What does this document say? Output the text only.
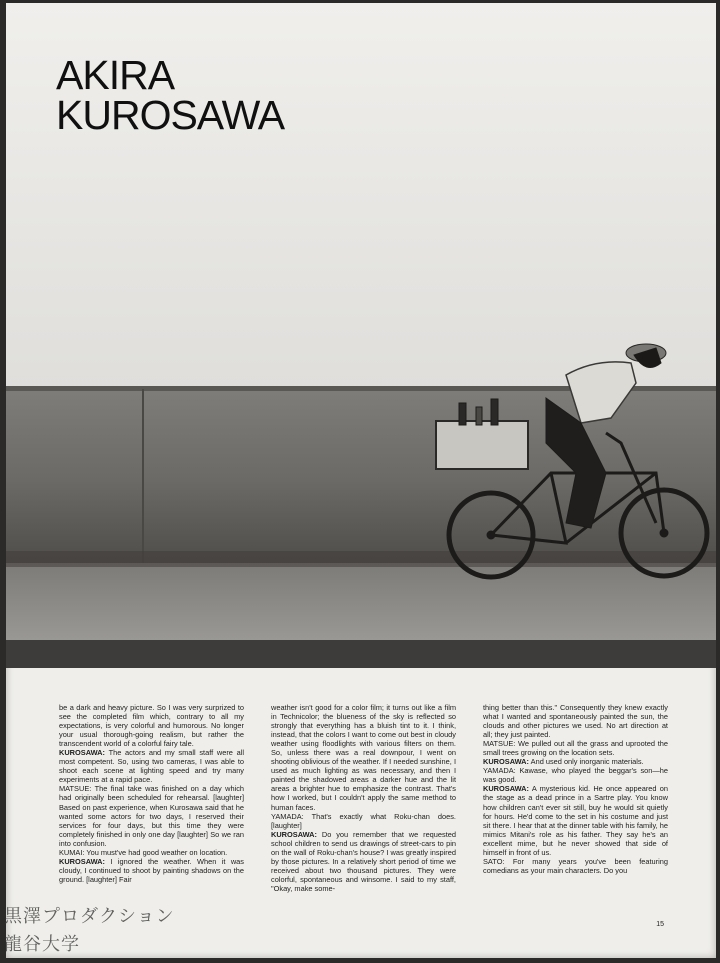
AKIRA
KUROSAWA

be a dark and heavy picture. So I was very surprized to see the completed film which, contrary to all my expectations, is very colorful and humorous. No longer your usual thorough-going realism, but rather the transcendent world of a colorful fairy tale.

KUROSAWA: The actors and my small staff were all most competent. So, using two cameras, I was able to shoot each scene at lighting speed and try many experiments at a rapid pace.

MATSUE: The final take was finished on a day which had originally been scheduled for rehearsal. [laughter] Based on past experience, when Kurosawa said that he wanted some actors for two days, I reserved their services for four days, but this time they were completely finished in only one day [laughter] So we ran into confusion.

KUMAI: You must've had good weather on location.

KUROSAWA: I ignored the weather. When it was cloudy, I continued to shoot by painting shadows on the ground. [laughter] Fair

weather isn't good for a color film; it turns out like a film in Technicolor; the blueness of the sky is reflected so strongly that everything has a bluish tint to it. I think, instead, that the colors I want to come out best in cloudy weather using floodlights with various filters on them. So, unless there was a real downpour, I went on shooting oblivious of the weather. If I needed sunshine, I used as much lighting as was necessary, and then I painted the shadowed areas a darker hue and the lit areas a brighter hue to emphasize the contrast. That's how I worked, but I couldn't apply the same method to human faces.

YAMADA: That's exactly what Roku-chan does. [laughter]

KUROSAWA: Do you remember that we requested school children to send us drawings of street-cars to pin on the wall of Roku-chan's house? I was greatly inspired by those pictures. In a relatively short period of time we received about two thousand pictures. They were colorful, spontaneous and winsome. I said to my staff, "Okay, make some-

thing better than this." Consequently they knew exactly what I wanted and spontaneously painted the sun, the clouds and other pictures we used. No art direction at all; they just painted.

MATSUE: We pulled out all the grass and uprooted the small trees growing on the location sets.

KUROSAWA: And used only inorganic materials.

YAMADA: Kawase, who played the beggar's son—he was good.

KUROSAWA: A mysterious kid. He once appeared on the stage as a dead prince in a Sartre play. You know how children can't ever sit still, buy he would sit quietly for hours. He'd come to the set in his costume and just sit there. I hear that at the dinner table with his family, he mimics Mitani's role as his father. They say he's an excellent mime, but he never showed that side of himself in front of us.

SATO: For many years you've been featuring comedians as your main characters. Do you

15
黒澤プロダクション
龍谷大学
